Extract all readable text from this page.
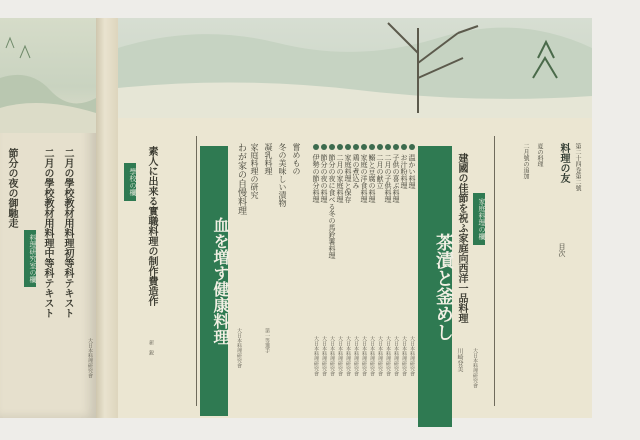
二月の學校教材用料理初等科テキスト
二月の學校教材用料理中等科テキスト
料理研究室の欄
節分の夜の御馳走
大日本料理研究會
學校の欄 素人に出来る實職料理の制作費造作
新　鋭
血を増す健康料理
わが家の自慢料理 家庭料理の研究 凝乳料理 冬の美味しい漬物 嘗めもの
大日本料理研究會	第一等選手
伊勢の節分料理
大日本料理研究會
節分の夜の料理
大日本料理研究會
節分の夜に食べる冬の馬鈴薯料理
大日本料理研究會
二月の家庭料理
大日本料理研究會
家庭料理と保存
大日本料理研究會
鶏の煮込み
大日本料理研究會
家庭の洋食料理
大日本料理研究會
鰯と豆腐の料理
大日本料理研究會
二月の献立
大日本料理研究會
二月の子供料理
大日本料理研究會
子供の喜ぶ料理
大日本料理研究會
お汁粉料理
大日本料理研究會
温かい料理
大日本料理研究會
茶漬と釜めし
家庭料理の欄
建國の佳節を祝ふ家庭向西洋一品料理
川崎登美 大日本料理研究會
料理の友 第二十四巻第二號
目次
二月號の追加 夏の料理
